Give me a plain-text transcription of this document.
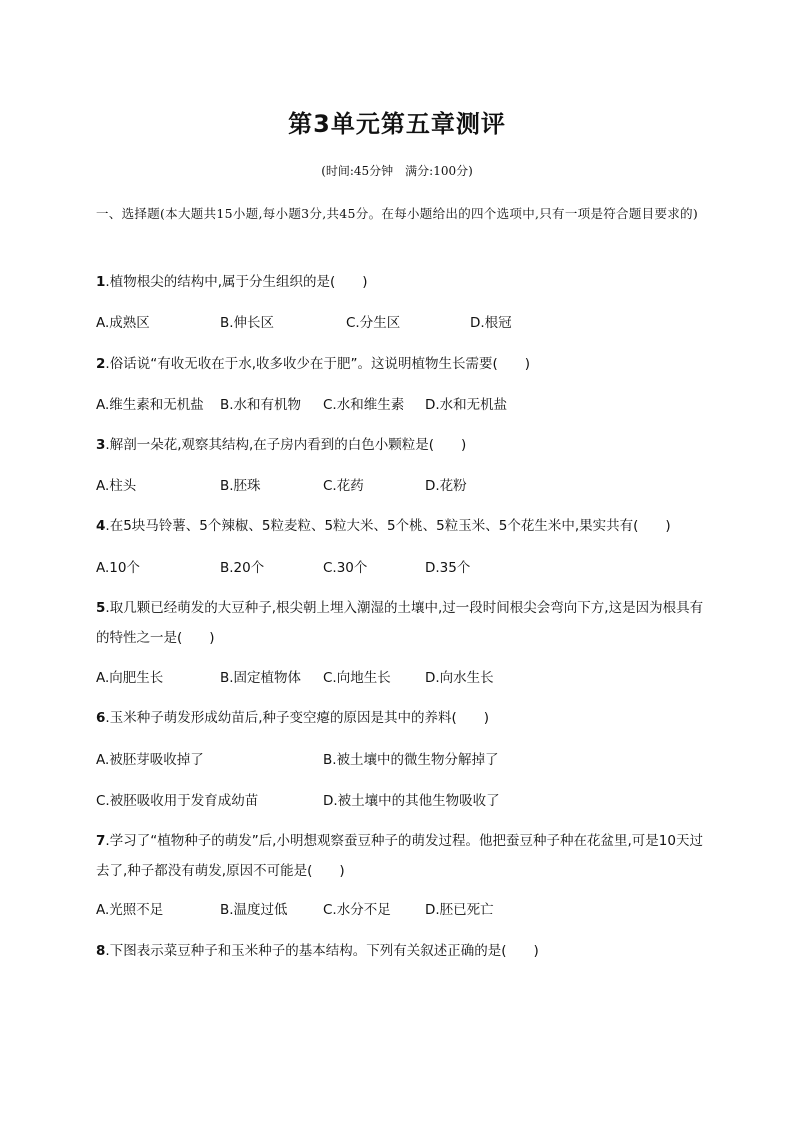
第3单元第五章测评
(时间:45分钟　满分:100分)
一、选择题(本大题共15小题,每小题3分,共45分。在每小题给出的四个选项中,只有一项是符合题目要求的)
1.植物根尖的结构中,属于分生组织的是(　　)
A.成熟区	B.伸长区	C.分生区	D.根冠
2.俗话说“有收无收在于水,收多收少在于肥”。这说明植物生长需要(　　)
A.维生素和无机盐 B.水和有机物 C.水和维生素 D.水和无机盐
3.解剖一朵花,观察其结构,在子房内看到的白色小颗粒是(　　)
A.柱头	B.胚珠	C.花药	D.花粉
4.在5块马铃薯、5个辣椒、5粒麦粒、5粒大米、5个桃、5粒玉米、5个花生米中,果实共有(　　)
A.10个	B.20个	C.30个	D.35个
5.取几颗已经萌发的大豆种子,根尖朝上埋入潮湿的土壤中,过一段时间根尖会弯向下方,这是因为根具有的特性之一是(　　)
A.向肥生长	B.固定植物体 C.向地生长	D.向水生长
6.玉米种子萌发形成幼苗后,种子变空瘪的原因是其中的养料(　　)
A.被胚芽吸收掉了	B.被土壤中的微生物分解掉了
C.被胚吸收用于发育成幼苗	D.被土壤中的其他生物吸收了
7.学习了“植物种子的萌发”后,小明想观察蚕豆种子的萌发过程。他把蚕豆种子种在花盆里,可是10天过去了,种子都没有萌发,原因不可能是(　　)
A.光照不足	B.温度过低	C.水分不足	D.胚已死亡
8.下图表示菜豆种子和玉米种子的基本结构。下列有关叙述正确的是(　　)
